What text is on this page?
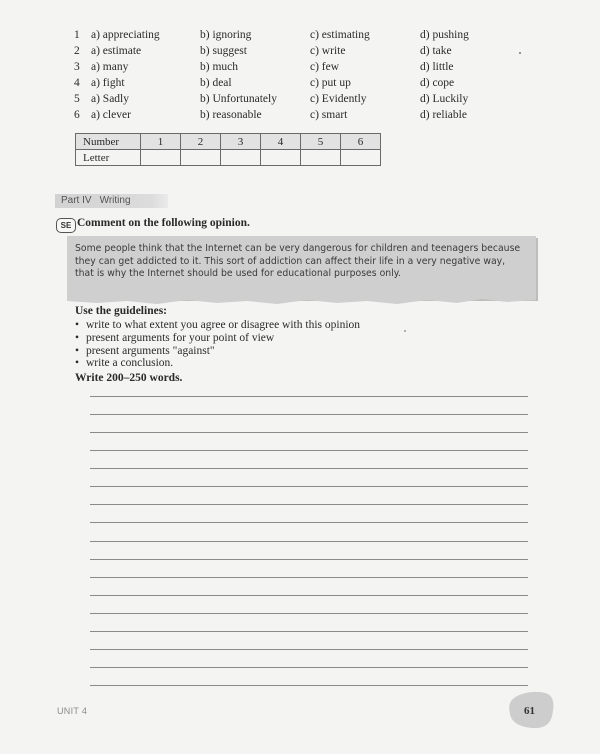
1 a) appreciating	b) ignoring	c) estimating	d) pushing
2 a) estimate	b) suggest	c) write	d) take
3 a) many	b) much	c) few	d) little
4 a) fight	b) deal	c) put up	d) cope
5 a) Sadly	b) Unfortunately	c) Evidently	d) Luckily
6 a) clever	b) reasonable	c) smart	d) reliable
Number	1	2	3	4	5	6
Letter						
Part IV Writing
SE Comment on the following opinion.

Some people think that the Internet can be very dangerous for children and teenagers because
they can get addicted to it. This sort of addiction can affect their life in a very negative way,
that is why the Internet should be used for educational purposes only.

Use the guidelines:
• write to what extent you agree or disagree with this opinion
• present arguments for your point of view
• present arguments "against"
• write a conclusion.
Write 200–250 words.
UNIT 4	61
